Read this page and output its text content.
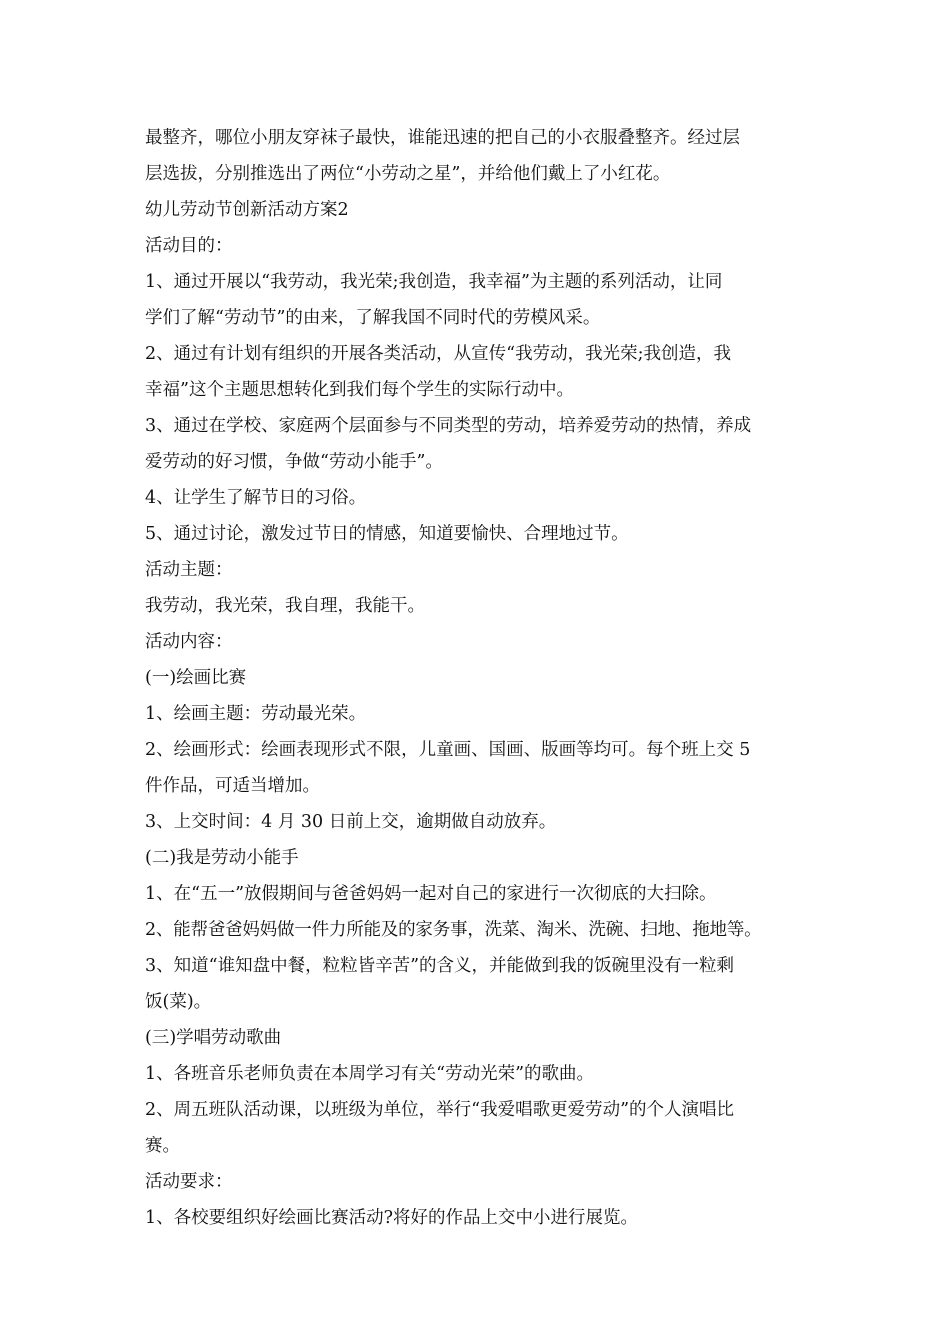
最整齐，哪位小朋友穿袜子最快，谁能迅速的把自己的小衣服叠整齐。经过层
层选拔，分别推选出了两位“小劳动之星”，并给他们戴上了小红花。
幼儿劳动节创新活动方案2
活动目的：
1、通过开展以“我劳动，我光荣;我创造，我幸福”为主题的系列活动，让同
学们了解“劳动节”的由来，了解我国不同时代的劳模风采。
2、通过有计划有组织的开展各类活动，从宣传“我劳动，我光荣;我创造，我
幸福”这个主题思想转化到我们每个学生的实际行动中。
3、通过在学校、家庭两个层面参与不同类型的劳动，培养爱劳动的热情，养成
爱劳动的好习惯，争做“劳动小能手”。
4、让学生了解节日的习俗。
5、通过讨论，激发过节日的情感，知道要愉快、合理地过节。
活动主题：
我劳动，我光荣，我自理，我能干。
活动内容：
(一)绘画比赛
1、绘画主题：劳动最光荣。
2、绘画形式：绘画表现形式不限，儿童画、国画、版画等均可。每个班上交 5
件作品，可适当增加。
3、上交时间：4 月 30 日前上交，逾期做自动放弃。
(二)我是劳动小能手
1、在“五一”放假期间与爸爸妈妈一起对自己的家进行一次彻底的大扫除。
2、能帮爸爸妈妈做一件力所能及的家务事，洗菜、淘米、洗碗、扫地、拖地等。
3、知道“谁知盘中餐，粒粒皆辛苦”的含义，并能做到我的饭碗里没有一粒剩
饭(菜)。
(三)学唱劳动歌曲
1、各班音乐老师负责在本周学习有关“劳动光荣”的歌曲。
2、周五班队活动课，以班级为单位，举行“我爱唱歌更爱劳动”的个人演唱比
赛。
活动要求：
1、各校要组织好绘画比赛活动?将好的作品上交中小进行展览。
